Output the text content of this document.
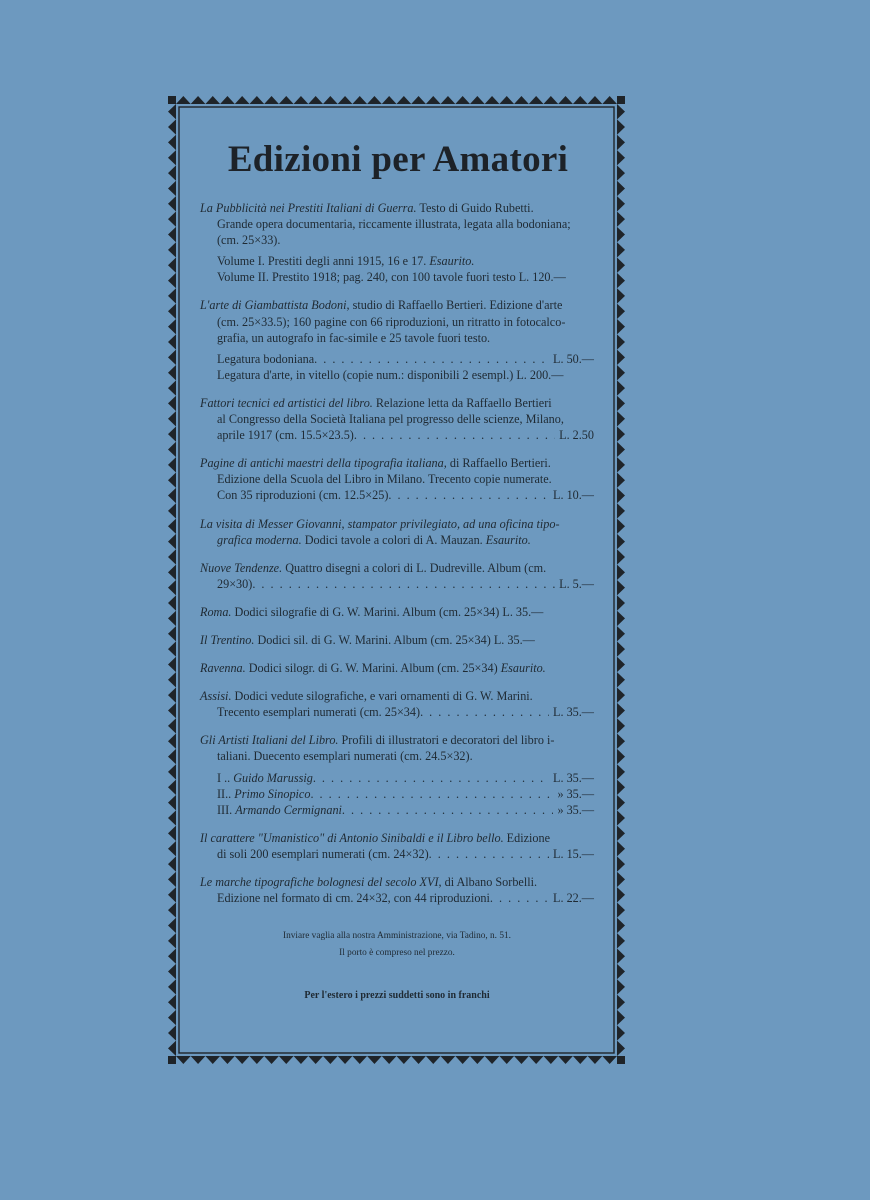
Edizioni per Amatori
La Pubblicità nei Prestiti Italiani di Guerra. Testo di Guido Rubetti.
Grande opera documentaria, riccamente illustrata, legata alla bodoniana;
(cm. 25×33).
Volume I. Prestiti degli anni 1915, 16 e 17. Esaurito.
Volume II. Prestito 1918; pag. 240, con 100 tavole fuori testo L. 120.—
L'arte di Giambattista Bodoni, studio di Raffaello Bertieri. Edizione d'arte
(cm. 25×33.5); 160 pagine con 66 riproduzioni, un ritratto in fotocalco-
grafia, un autografo in fac-simile e 25 tavole fuori testo.
Legatura bodoniana . . .	L. 50.—
Legatura d'arte, in vitello (copie num.: disponibili 2 esempl.) L. 200.—
Fattori tecnici ed artistici del libro. Relazione letta da Raffaello Bertieri
al Congresso della Società Italiana pel progresso delle scienze, Milano,
aprile 1917 (cm. 15.5×23.5) . . .	L. 2.50
Pagine di antichi maestri della tipografia italiana, di Raffaello Bertieri.
Edizione della Scuola del Libro in Milano. Trecento copie numerate.
Con 35 riproduzioni (cm. 12.5×25) . . .	L. 10.—
La visita di Messer Giovanni, stampator privilegiato, ad una oficina tipo-
grafica moderna. Dodici tavole a colori di A. Mauzan. Esaurito.
Nuove Tendenze. Quattro disegni a colori di L. Dudreville. Album (cm.
29×30) . . .	L. 5.—
Roma. Dodici silografie di G. W. Marini. Album (cm. 25×34) L. 35.—
Il Trentino. Dodici sil. di G. W. Marini. Album (cm. 25×34) L. 35.—
Ravenna. Dodici silogr. di G. W. Marini. Album (cm. 25×34) Esaurito.
Assisi. Dodici vedute silografiche, e vari ornamenti di G. W. Marini.
Trecento esemplari numerati (cm. 25×34) . . .	L. 35.—
Gli Artisti Italiani del Libro. Profili di illustratori e decoratori del libro i-
taliani. Duecento esemplari numerati (cm. 24.5×32).
I .. Guido Marussig . . .	L. 35.—
II.. Primo Sinopico . . .	» 35.—
III. Armando Cermignani . . .	» 35.—
Il carattere "Umanistico" di Antonio Sinibaldi e il Libro bello. Edizione
di soli 200 esemplari numerati (cm. 24×32) . . .	L. 15.—
Le marche tipografiche bolognesi del secolo XVI, di Albano Sorbelli.
Edizione nel formato di cm. 24×32, con 44 riproduzioni . . .	L. 22.—
Inviare vaglia alla nostra Amministrazione, via Tadino, n. 51.
Il porto è compreso nel prezzo.
Per l'estero i prezzi suddetti sono in franchi
